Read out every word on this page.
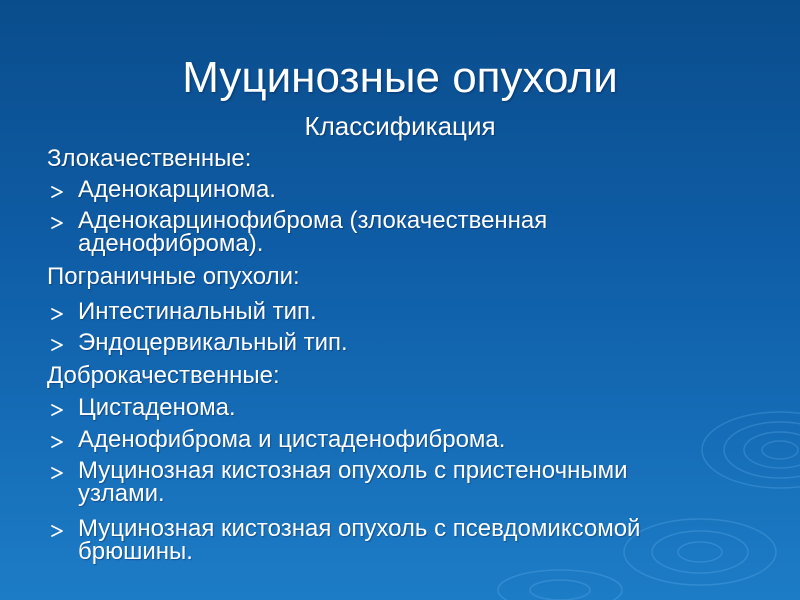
Муцинозные опухоли
Классификация
Злокачественные:
Аденокарцинома.
Аденокарцинофиброма (злокачественная
аденофиброма).
Пограничные опухоли:
Интестинальный тип.
Эндоцервикальный тип.
Доброкачественные:
Цистаденома.
Аденофиброма и цистаденофиброма.
Муцинозная кистозная опухоль с пристеночными
узлами.
Муцинозная кистозная опухоль с псевдомиксомой
брюшины.
